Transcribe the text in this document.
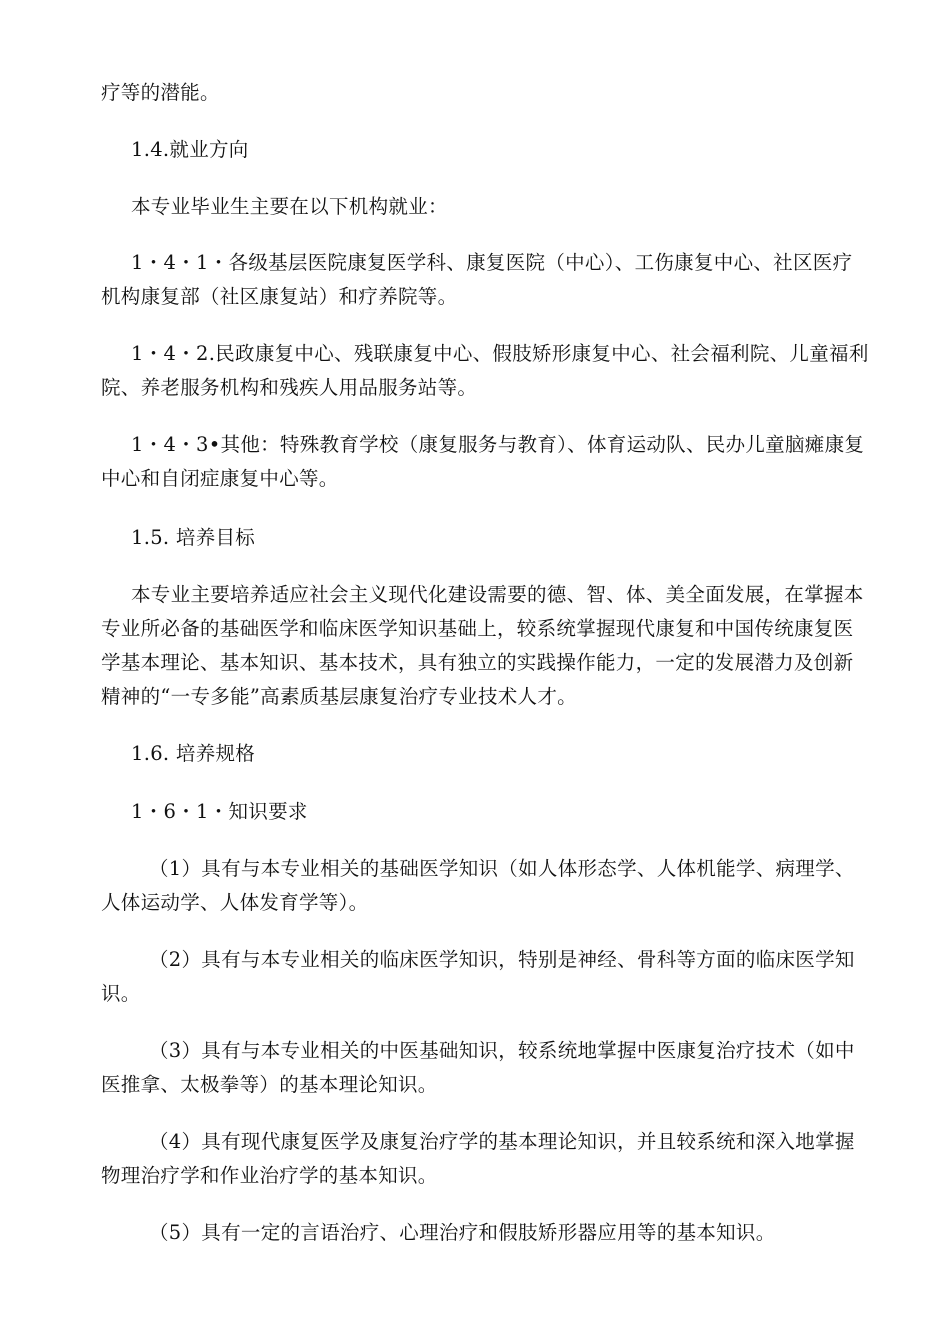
疗等的潜能。

1.4.就业方向

本专业毕业生主要在以下机构就业：

1・4・1・各级基层医院康复医学科、康复医院（中心）、工伤康复中心、社区医疗机构康复部（社区康复站）和疗养院等。

1・4・2.民政康复中心、残联康复中心、假肢矫形康复中心、社会福利院、儿童福利院、养老服务机构和残疾人用品服务站等。

1・4・3•其他：特殊教育学校（康复服务与教育）、体育运动队、民办儿童脑瘫康复中心和自闭症康复中心等。

1.5. 培养目标

本专业主要培养适应社会主义现代化建设需要的德、智、体、美全面发展，在掌握本专业所必备的基础医学和临床医学知识基础上，较系统掌握现代康复和中国传统康复医学基本理论、基本知识、基本技术，具有独立的实践操作能力，一定的发展潜力及创新精神的“一专多能”高素质基层康复治疗专业技术人才。

1.6. 培养规格

1・6・1・知识要求

（1）具有与本专业相关的基础医学知识（如人体形态学、人体机能学、病理学、人体运动学、人体发育学等）。

（2）具有与本专业相关的临床医学知识，特别是神经、骨科等方面的临床医学知识。

（3）具有与本专业相关的中医基础知识，较系统地掌握中医康复治疗技术（如中 医推拿、太极拳等）的基本理论知识。

（4）具有现代康复医学及康复治疗学的基本理论知识，并且较系统和深入地掌握物理治疗学和作业治疗学的基本知识。

（5）具有一定的言语治疗、心理治疗和假肢矫形器应用等的基本知识。
